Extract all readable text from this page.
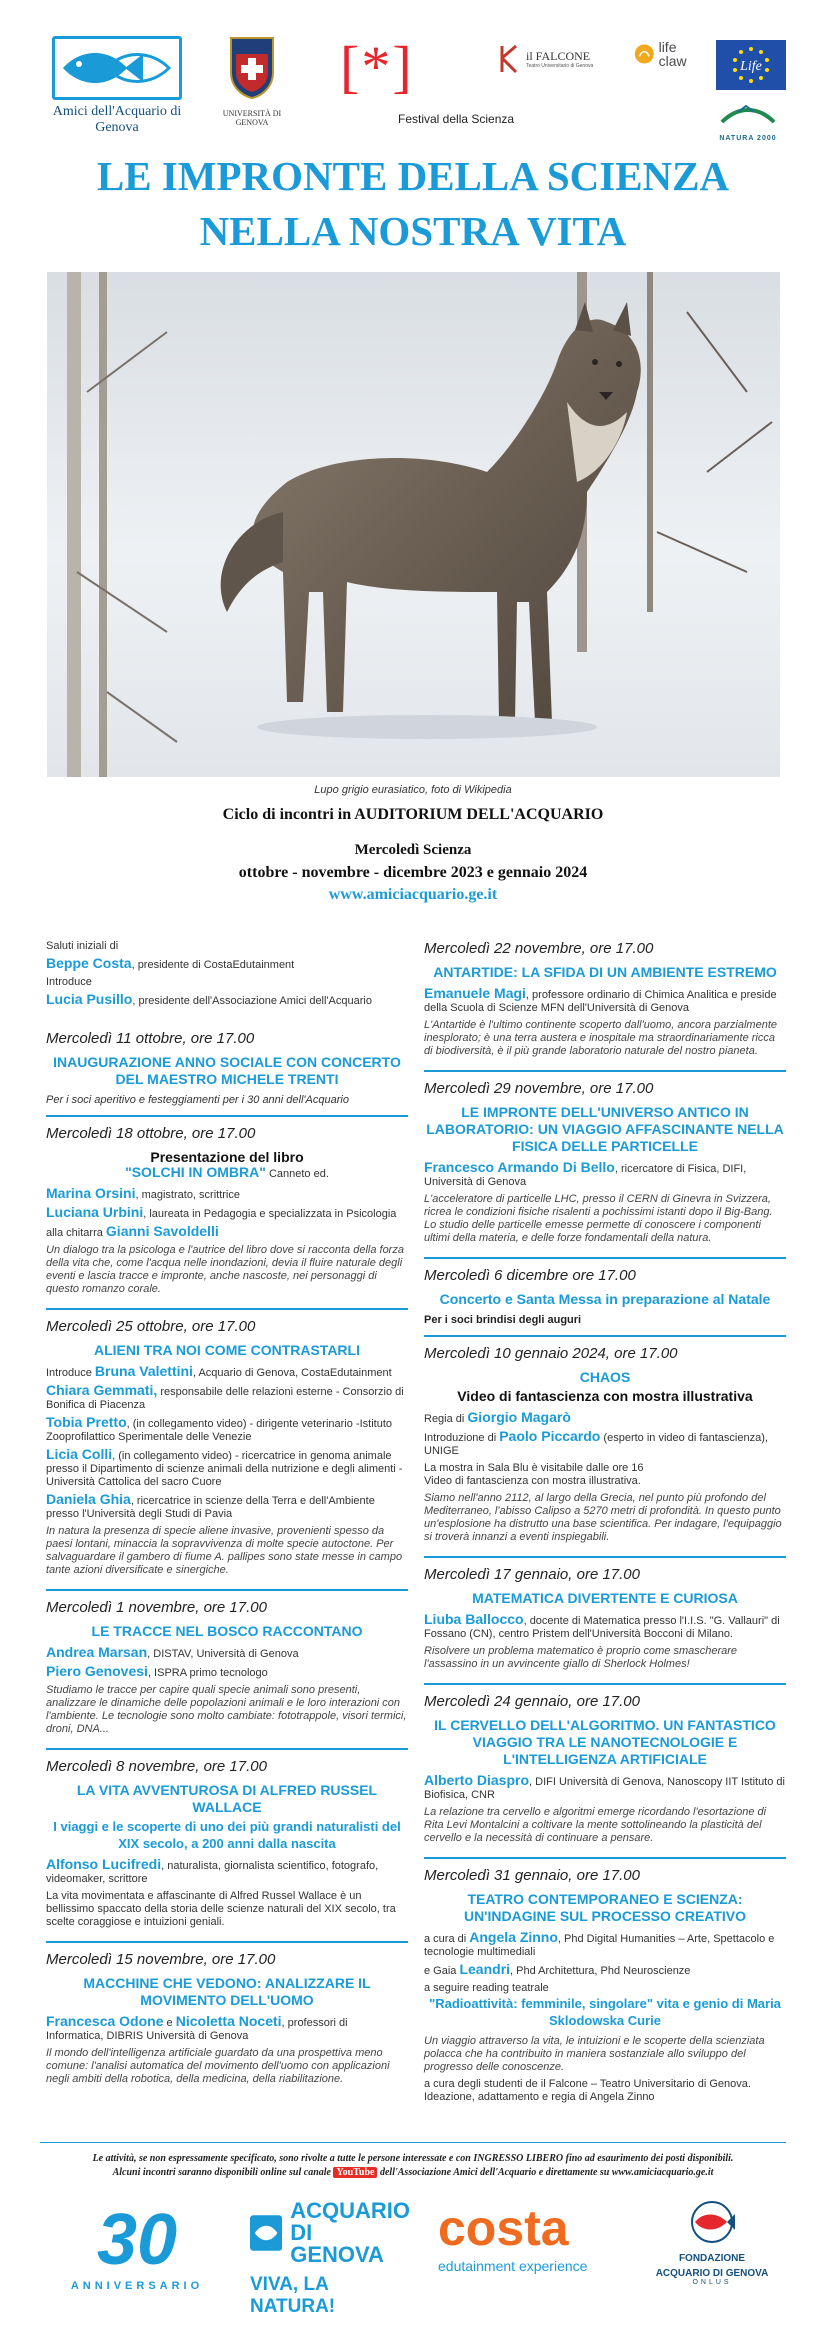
Amici dell'Acquario di Genova
UNIVERSITÀ DI GENOVA
[*]
Festival della Scienza
il FALCONE
Teatro Universitario di Genova
life claw	Life
NATURA 2000
LE IMPRONTE DELLA SCIENZA
NELLA NOSTRA VITA
Lupo grigio eurasiatico, foto di Wikipedia
Ciclo di incontri in AUDITORIUM DELL'ACQUARIO
Mercoledì Scienza
ottobre - novembre - dicembre 2023 e gennaio 2024
www.amiciacquario.ge.it
Saluti iniziali di
Beppe Costa, presidente di CostaEdutainment
Introduce
Lucia Pusillo, presidente dell'Associazione Amici dell'Acquario
Mercoledì 11 ottobre, ore 17.00
INAUGURAZIONE ANNO SOCIALE CON CONCERTO DEL MAESTRO MICHELE TRENTI
Per i soci aperitivo e festeggiamenti per i 30 anni dell'Acquario
Mercoledì 18 ottobre, ore 17.00
Presentazione del libro
"SOLCHI IN OMBRA" Canneto ed.
Marina Orsini, magistrato, scrittrice
Luciana Urbini, laureata in Pedagogia e specializzata in Psicologia
alla chitarra Gianni Savoldelli
Un dialogo tra la psicologa e l'autrice del libro dove si racconta della forza della vita che, come l'acqua nelle inondazioni, devia il fluire naturale degli eventi e lascia tracce e impronte, anche nascoste, nei personaggi di questo romanzo corale.
Mercoledì 25 ottobre, ore 17.00
ALIENI TRA NOI COME CONTRASTARLI
Introduce Bruna Valettini, Acquario di Genova, CostaEdutainment
Chiara Gemmati, responsabile delle relazioni esterne - Consorzio di Bonifica di Piacenza
Tobia Pretto, (in collegamento video) - dirigente veterinario -Istituto Zooprofilattico Sperimentale delle Venezie
Licia Colli, (in collegamento video) - ricercatrice in genoma animale presso il Dipartimento di scienze animali della nutrizione e degli alimenti - Università Cattolica del sacro Cuore
Daniela Ghia, ricercatrice in scienze della Terra e dell'Ambiente presso l'Università degli Studi di Pavia
In natura la presenza di specie aliene invasive, provenienti spesso da paesi lontani, minaccia la sopravvivenza di molte specie autoctone. Per salvaguardare il gambero di fiume A. pallipes sono state messe in campo tante azioni diversificate e sinergiche.
Mercoledì 1 novembre, ore 17.00
LE TRACCE NEL BOSCO RACCONTANO
Andrea Marsan, DISTAV, Università di Genova
Piero Genovesi, ISPRA primo tecnologo
Studiamo le tracce per capire quali specie animali sono presenti, analizzare le dinamiche delle popolazioni animali e le loro interazioni con l'ambiente. Le tecnologie sono molto cambiate: fototrappole, visori termici, droni, DNA...
Mercoledì 8 novembre, ore 17.00
LA VITA AVVENTUROSA DI ALFRED RUSSEL WALLACE
I viaggi e le scoperte di uno dei più grandi naturalisti del XIX secolo, a 200 anni dalla nascita
Alfonso Lucifredi, naturalista, giornalista scientifico, fotografo, videomaker, scrittore
La vita movimentata e affascinante di Alfred Russel Wallace è un bellissimo spaccato della storia delle scienze naturali del XIX secolo, tra scelte coraggiose e intuizioni geniali.
Mercoledì 15 novembre, ore 17.00
MACCHINE CHE VEDONO: ANALIZZARE IL MOVIMENTO DELL'UOMO
Francesca Odone e Nicoletta Noceti, professori di Informatica, DIBRIS Università di Genova
Il mondo dell'intelligenza artificiale guardato da una prospettiva meno comune: l'analisi automatica del movimento dell'uomo con applicazioni negli ambiti della robotica, della medicina, della riabilitazione.
Mercoledì 22 novembre, ore 17.00
ANTARTIDE: LA SFIDA DI UN AMBIENTE ESTREMO
Emanuele Magi, professore ordinario di Chimica Analitica e preside della Scuola di Scienze MFN dell'Università di Genova
L'Antartide è l'ultimo continente scoperto dall'uomo, ancora parzialmente inesplorato; è una terra austera e inospitale ma straordinariamente ricca di biodiversità, è il più grande laboratorio naturale del nostro pianeta.
Mercoledì 29 novembre, ore 17.00
LE IMPRONTE DELL'UNIVERSO ANTICO IN LABORATORIO: UN VIAGGIO AFFASCINANTE NELLA FISICA DELLE PARTICELLE
Francesco Armando Di Bello, ricercatore di Fisica, DIFI, Università di Genova
L'acceleratore di particelle LHC, presso il CERN di Ginevra in Svizzera, ricrea le condizioni fisiche risalenti a pochissimi istanti dopo il Big-Bang. Lo studio delle particelle emesse permette di conoscere i componenti ultimi della materia, e delle forze fondamentali della natura.
Mercoledì 6 dicembre ore 17.00
Concerto e Santa Messa in preparazione al Natale
Per i soci brindisi degli auguri
Mercoledì 10 gennaio 2024, ore 17.00
CHAOS
Video di fantascienza con mostra illustrativa
Regia di Giorgio Magarò
Introduzione di Paolo Piccardo (esperto in video di fantascienza), UNIGE
La mostra in Sala Blu è visitabile dalle ore 16
Video di fantascienza con mostra illustrativa.
Siamo nell'anno 2112, al largo della Grecia, nel punto più profondo del Mediterraneo, l'abisso Calipso a 5270 metri di profondità. In questo punto un'esplosione ha distrutto una base scientifica. Per indagare, l'equipaggio si troverà innanzi a eventi inspiegabili.
Mercoledì 17 gennaio, ore 17.00
MATEMATICA DIVERTENTE E CURIOSA
Liuba Ballocco, docente di Matematica presso l'I.I.S. "G. Vallauri" di Fossano (CN), centro Pristem dell'Università Bocconi di Milano.
Risolvere un problema matematico è proprio come smascherare l'assassino in un avvincente giallo di Sherlock Holmes!
Mercoledì 24 gennaio, ore 17.00
IL CERVELLO DELL'ALGORITMO. UN FANTASTICO VIAGGIO TRA LE NANOTECNOLOGIE E L'INTELLIGENZA ARTIFICIALE
Alberto Diaspro, DIFI Università di Genova, Nanoscopy IIT Istituto di Biofisica, CNR
La relazione tra cervello e algoritmi emerge ricordando l'esortazione di Rita Levi Montalcini a coltivare la mente sottolineando la plasticità del cervello e la necessità di continuare a pensare.
Mercoledì 31 gennaio, ore 17.00
TEATRO CONTEMPORANEO E SCIENZA: UN'INDAGINE SUL PROCESSO CREATIVO
a cura di Angela Zinno, Phd Digital Humanities – Arte, Spettacolo e tecnologie multimediali
e Gaia Leandri, Phd Architettura, Phd Neuroscienze
a seguire reading teatrale
"Radioattività: femminile, singolare" vita e genio di Maria Sklodowska Curie
Un viaggio attraverso la vita, le intuizioni e le scoperte della scienziata polacca che ha contribuito in maniera sostanziale allo sviluppo del progresso delle conoscenze.
a cura degli studenti de il Falcone – Teatro Universitario di Genova.
Ideazione, adattamento e regia di Angela Zinno
Le attività, se non espressamente specificato, sono rivolte a tutte le persone interessate e con INGRESSO LIBERO fino ad esaurimento dei posti disponibili.
Alcuni incontri saranno disponibili online sul canale YouTube dell'Associazione Amici dell'Acquario e direttamente su www.amiciacquario.ge.it
30
ANNIVERSARIO
ACQUARIO
DI GENOVA
VIVA, LA NATURA!
costa
edutainment experience	FONDAZIONE
ACQUARIO DI GENOVA
ONLUS
